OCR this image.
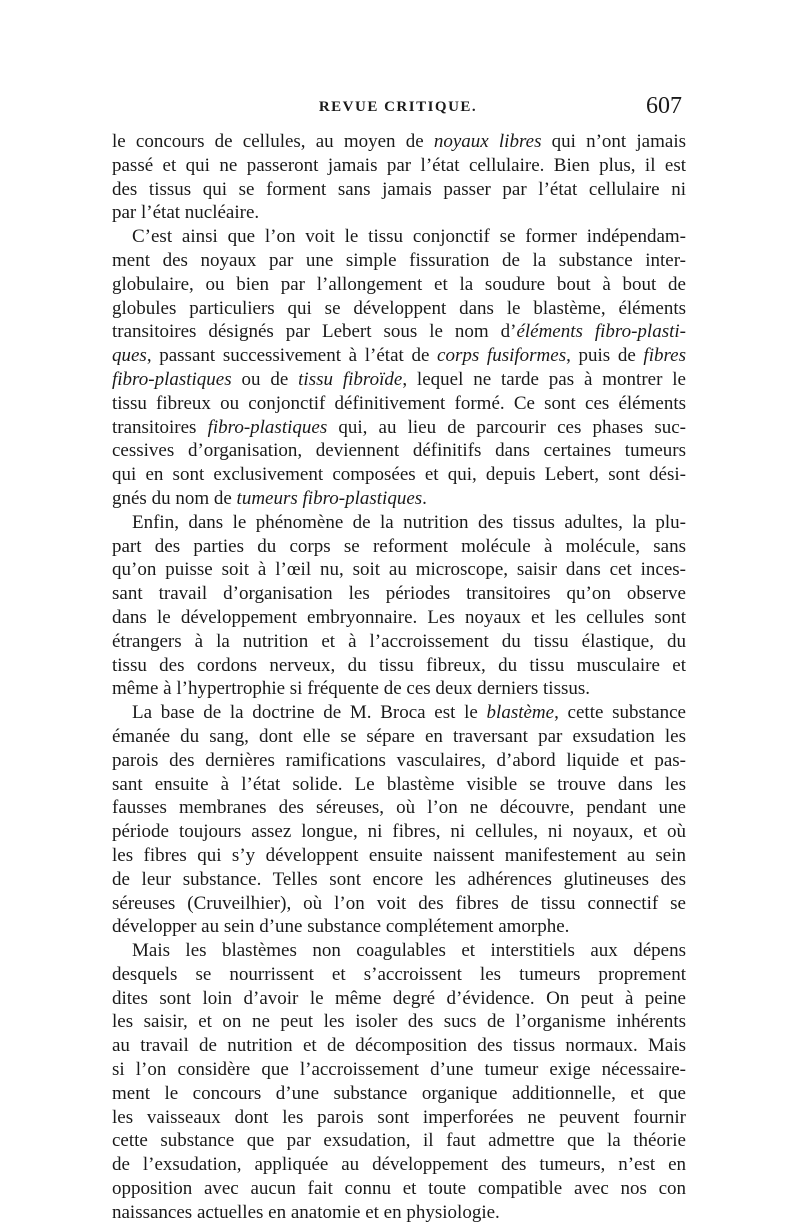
REVUE CRITIQUE.	607
le concours de cellules, au moyen de noyaux libres qui n’ont jamais
passé et qui ne passeront jamais par l’état cellulaire. Bien plus, il est
des tissus qui se forment sans jamais passer par l’état cellulaire ni
par l’état nucléaire.
C’est ainsi que l’on voit le tissu conjonctif se former indépendam-
ment des noyaux par une simple fissuration de la substance inter-
globulaire, ou bien par l’allongement et la soudure bout à bout de
globules particuliers qui se développent dans le blastème, éléments
transitoires désignés par Lebert sous le nom d’éléments fibro-plasti-
ques, passant successivement à l’état de corps fusiformes, puis de fibres
fibro-plastiques ou de tissu fibroïde, lequel ne tarde pas à montrer le
tissu fibreux ou conjonctif définitivement formé. Ce sont ces éléments
transitoires fibro-plastiques qui, au lieu de parcourir ces phases suc-
cessives d’organisation, deviennent définitifs dans certaines tumeurs
qui en sont exclusivement composées et qui, depuis Lebert, sont dési-
gnés du nom de tumeurs fibro-plastiques.
Enfin, dans le phénomène de la nutrition des tissus adultes, la plu-
part des parties du corps se reforment molécule à molécule, sans
qu’on puisse soit à l’œil nu, soit au microscope, saisir dans cet inces-
sant travail d’organisation les périodes transitoires qu’on observe
dans le développement embryonnaire. Les noyaux et les cellules sont
étrangers à la nutrition et à l’accroissement du tissu élastique, du
tissu des cordons nerveux, du tissu fibreux, du tissu musculaire et
même à l’hypertrophie si fréquente de ces deux derniers tissus.
La base de la doctrine de M. Broca est le blastème, cette substance
émanée du sang, dont elle se sépare en traversant par exsudation les
parois des dernières ramifications vasculaires, d’abord liquide et pas-
sant ensuite à l’état solide. Le blastème visible se trouve dans les
fausses membranes des séreuses, où l’on ne découvre, pendant une
période toujours assez longue, ni fibres, ni cellules, ni noyaux, et où
les fibres qui s’y développent ensuite naissent manifestement au sein
de leur substance. Telles sont encore les adhérences glutineuses des
séreuses (Cruveilhier), où l’on voit des fibres de tissu connectif se
développer au sein d’une substance complétement amorphe.
Mais les blastèmes non coagulables et interstitiels aux dépens
desquels se nourrissent et s’accroissent les tumeurs proprement
dites sont loin d’avoir le même degré d’évidence. On peut à peine
les saisir, et on ne peut les isoler des sucs de l’organisme inhérents
au travail de nutrition et de décomposition des tissus normaux. Mais
si l’on considère que l’accroissement d’une tumeur exige nécessaire-
ment le concours d’une substance organique additionnelle, et que
les vaisseaux dont les parois sont imperforées ne peuvent fournir
cette substance que par exsudation, il faut admettre que la théorie
de l’exsudation, appliquée au développement des tumeurs, n’est en
opposition avec aucun fait connu et toute compatible avec nos con
naissances actuelles en anatomie et en physiologie.
